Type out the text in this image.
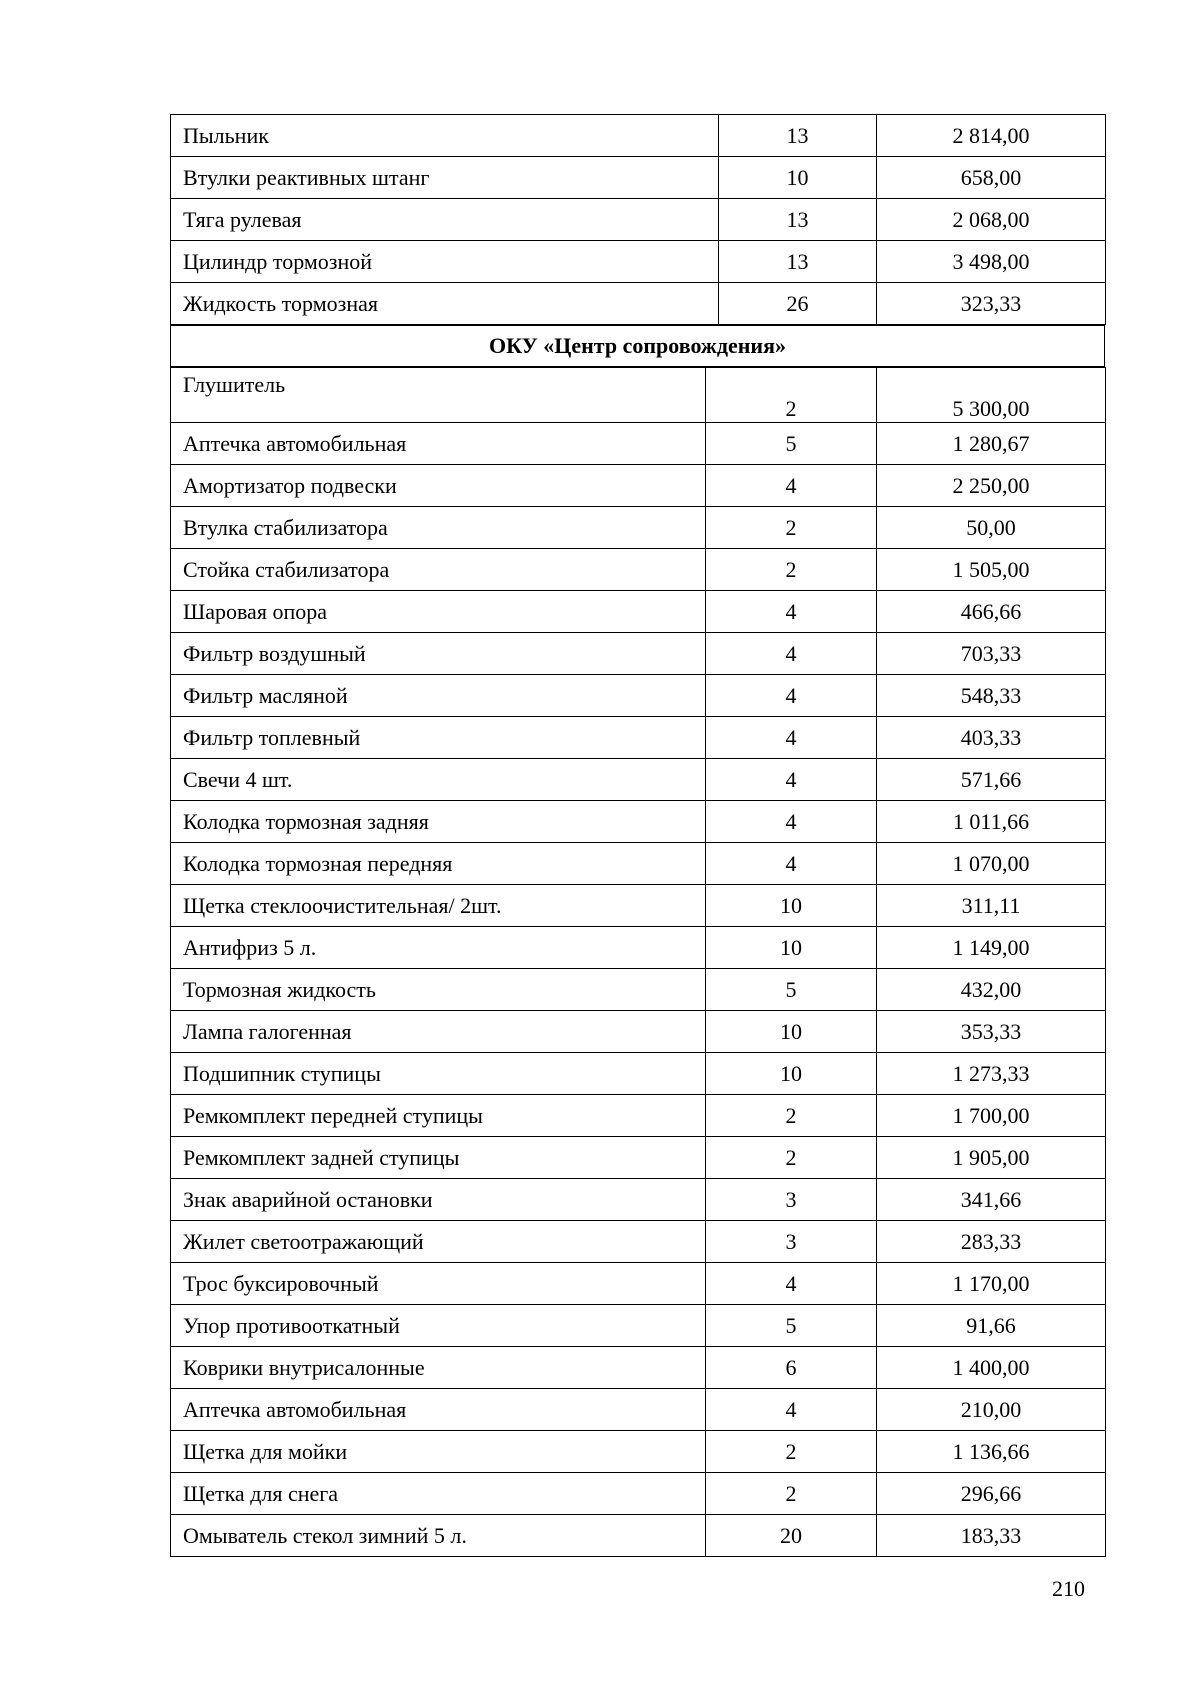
Пыльник	13	2 814,00
Втулки реактивных штанг	10	658,00
Тяга рулевая	13	2 068,00
Цилиндр тормозной	13	3 498,00
Жидкость тормозная	26	323,33
ОКУ «Центр сопровождения»
Глушитель	2	5 300,00
Аптечка автомобильная	5	1 280,67
Амортизатор подвески	4	2 250,00
Втулка стабилизатора	2	50,00
Стойка стабилизатора	2	1 505,00
Шаровая опора	4	466,66
Фильтр воздушный	4	703,33
Фильтр масляной	4	548,33
Фильтр топлевный	4	403,33
Свечи 4 шт.	4	571,66
Колодка тормозная задняя	4	1 011,66
Колодка тормозная передняя	4	1 070,00
Щетка стеклоочистительная/ 2шт.	10	311,11
Антифриз 5 л.	10	1 149,00
Тормозная жидкость	5	432,00
Лампа галогенная	10	353,33
Подшипник ступицы	10	1 273,33
Ремкомплект передней ступицы	2	1 700,00
Ремкомплект задней ступицы	2	1 905,00
Знак аварийной остановки	3	341,66
Жилет светоотражающий	3	283,33
Трос буксировочный	4	1 170,00
Упор противооткатный	5	91,66
Коврики внутрисалонные	6	1 400,00
Аптечка автомобильная	4	210,00
Щетка для мойки	2	1 136,66
Щетка для снега	2	296,66
Омыватель стекол зимний 5 л.	20	183,33
210
